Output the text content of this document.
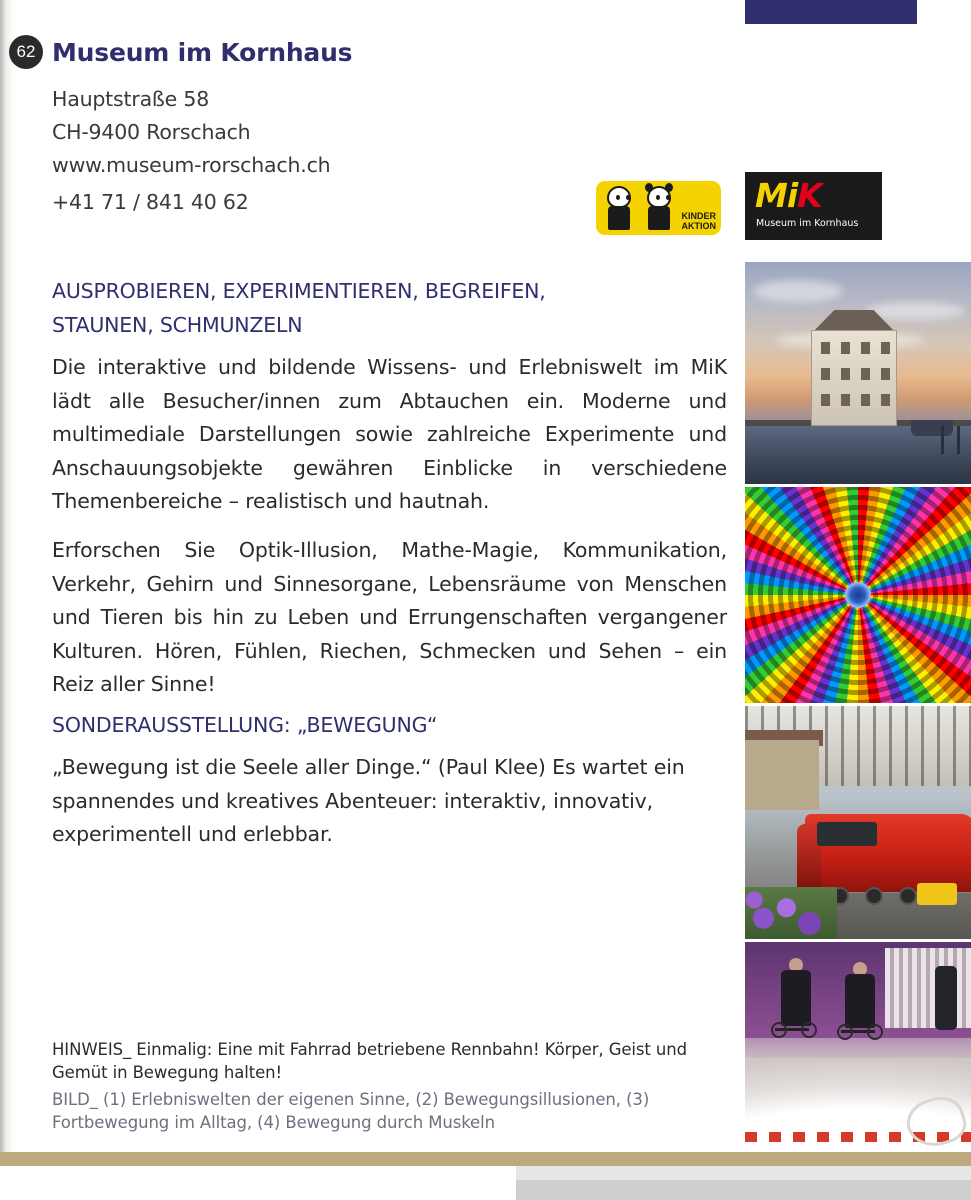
62 Museum im Kornhaus
Hauptstraße 58
CH-9400 Rorschach
www.museum-rorschach.ch
+41 71 / 841 40 62
KINDER
AKTION
MiK
Museum im Kornhaus
AUSPROBIEREN, EXPERIMENTIEREN, BEGREIFEN,
STAUNEN, SCHMUNZELN
Die interaktive und bildende Wissens- und Erlebniswelt im MiK lädt alle Besucher/innen zum Abtauchen ein. Moderne und multimediale Darstellungen sowie zahlreiche Experimente und Anschauungsobjekte gewähren Einblicke in verschiedene Themenbereiche – realistisch und hautnah.
Erforschen Sie Optik-Illusion, Mathe-Magie, Kommunikation, Verkehr, Gehirn und Sinnesorgane, Lebensräume von Menschen und Tieren bis hin zu Leben und Errungenschaften vergangener Kulturen. Hören, Fühlen, Riechen, Schmecken und Sehen – ein Reiz aller Sinne!
SONDERAUSSTELLUNG: „BEWEGUNG“
„Bewegung ist die Seele aller Dinge.“ (Paul Klee) Es wartet ein spannendes und kreatives Abenteuer: interaktiv, innovativ, experimentell und erlebbar.
HINWEIS_ Einmalig: Eine mit Fahrrad betriebene Rennbahn! Körper, Geist und Gemüt in Bewegung halten!
BILD_ (1) Erlebniswelten der eigenen Sinne, (2) Bewegungsillusionen, (3) Fortbewegung im Alltag, (4) Bewegung durch Muskeln
